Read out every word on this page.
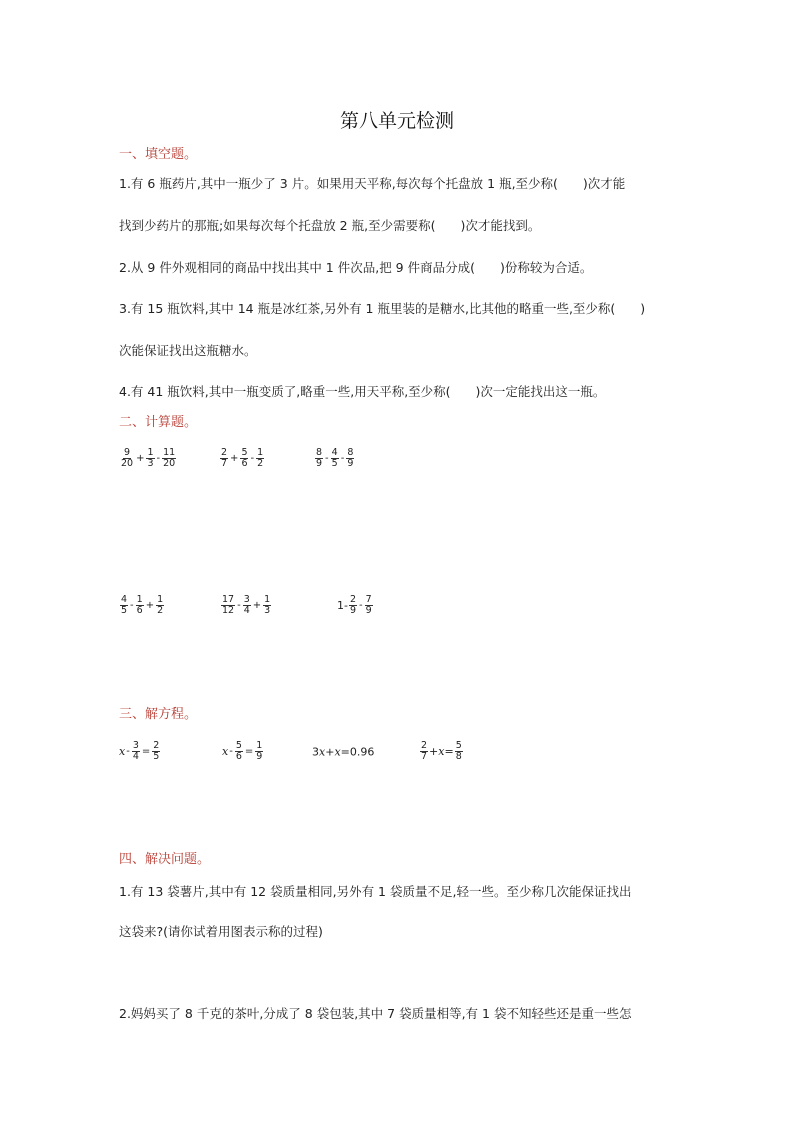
第八单元检测
一、填空题。
1.有 6 瓶药片,其中一瓶少了 3 片。如果用天平称,每次每个托盘放 1 瓶,至少称(　　)次才能
找到少药片的那瓶;如果每次每个托盘放 2 瓶,至少需要称(　　)次才能找到。
2.从 9 件外观相同的商品中找出其中 1 件次品,把 9 件商品分成(　　)份称较为合适。
3.有 15 瓶饮料,其中 14 瓶是冰红茶,另外有 1 瓶里装的是糖水,比其他的略重一些,至少称(　　)
次能保证找出这瓶糖水。
4.有 41 瓶饮料,其中一瓶变质了,略重一些,用天平称,至少称(　　)次一定能找出这一瓶。
二、计算题。
$\frac{9}{20} + \frac{1}{3} - \frac{11}{20}$	$\frac{2}{7} + \frac{5}{6} - \frac{1}{2}$	$\frac{8}{9} - \frac{4}{5} - \frac{8}{9}$
$\frac{4}{5} - \frac{1}{6} + \frac{1}{2}$	$\frac{17}{12} - \frac{3}{4} + \frac{1}{3}$	$1- \frac{2}{9} - \frac{7}{9}$
三、解方程。
$x- \frac{3}{4} = \frac{2}{5}$	$x- \frac{5}{6} = \frac{1}{9}$	3x+x=0.96	$\frac{2}{7} +x= \frac{5}{8}$
四、解决问题。
1.有 13 袋薯片,其中有 12 袋质量相同,另外有 1 袋质量不足,轻一些。至少称几次能保证找出
这袋来?(请你试着用图表示称的过程)
2.妈妈买了 8 千克的茶叶,分成了 8 袋包装,其中 7 袋质量相等,有 1 袋不知轻些还是重一些怎
